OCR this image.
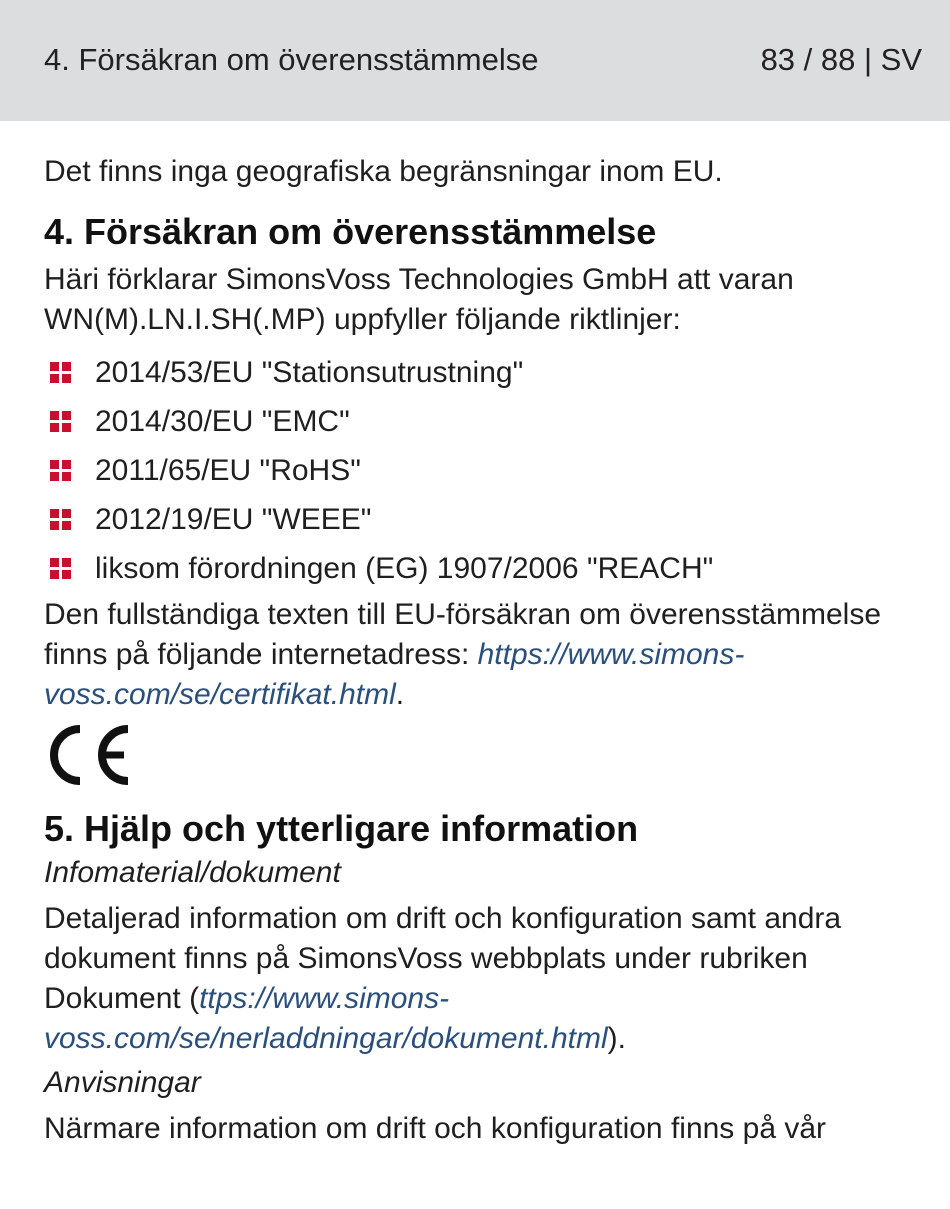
4. Försäkran om överensstämmelse	83 / 88 | SV

Det finns inga geografiska begränsningar inom EU.

4. Försäkran om överensstämmelse

Häri förklarar SimonsVoss Technologies GmbH att varan WN(M).LN.I.SH(.MP) uppfyller följande riktlinjer:

2014/53/EU "Stationsutrustning"
2014/30/EU "EMC"
2011/65/EU "RoHS"
2012/19/EU "WEEE"
liksom förordningen (EG) 1907/2006 "REACH"

Den fullständiga texten till EU-försäkran om överensstämmelse finns på följande internetadress: https://www.simons-voss.com/se/certifikat.html.

5. Hjälp och ytterligare information

Infomaterial/dokument

Detaljerad information om drift och konfiguration samt andra dokument finns på SimonsVoss webbplats under rubriken Dokument (ttps://www.simons-voss.com/se/nerladdningar/dokument.html).

Anvisningar

Närmare information om drift och konfiguration finns på vår
